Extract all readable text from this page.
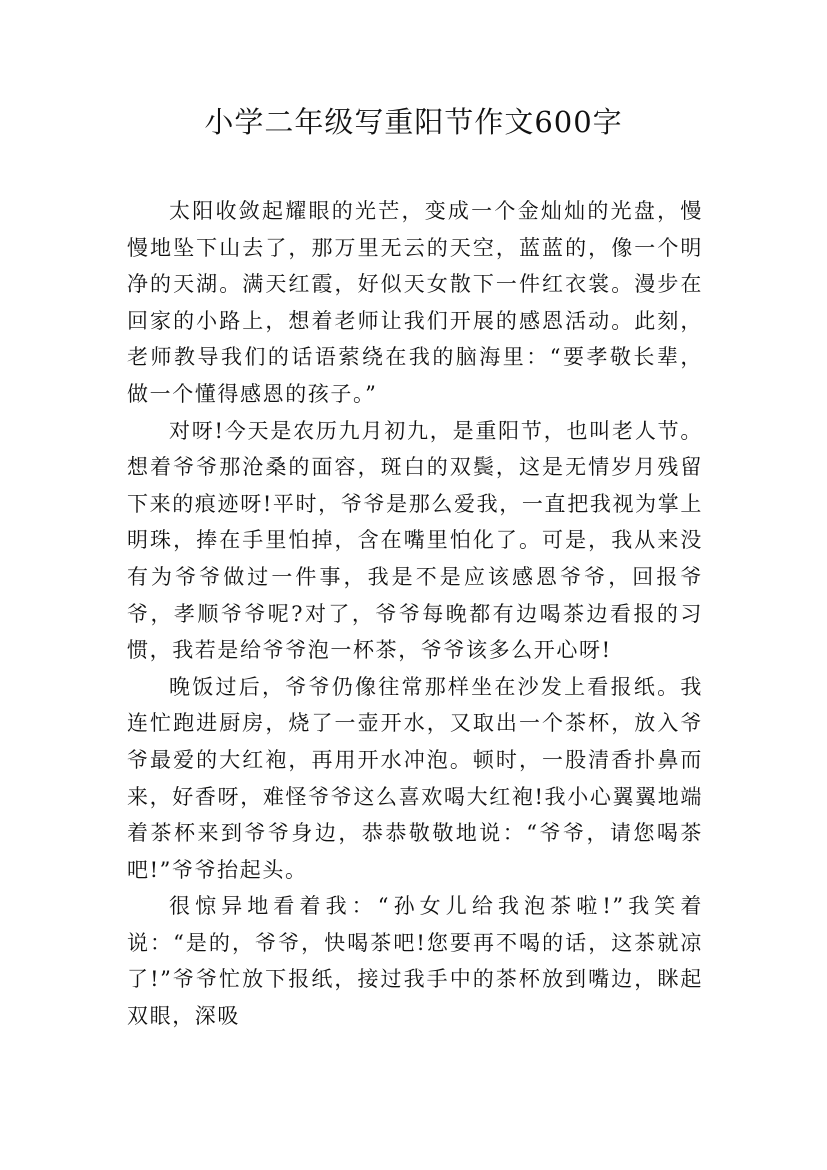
小学二年级写重阳节作文600字

太阳收敛起耀眼的光芒，变成一个金灿灿的光盘，慢慢地坠下山去了，那万里无云的天空，蓝蓝的，像一个明净的天湖。满天红霞，好似天女散下一件红衣裳。漫步在回家的小路上，想着老师让我们开展的感恩活动。此刻，老师教导我们的话语萦绕在我的脑海里：“要孝敬长辈，做一个懂得感恩的孩子。”

对呀!今天是农历九月初九，是重阳节，也叫老人节。想着爷爷那沧桑的面容，斑白的双鬓，这是无情岁月残留下来的痕迹呀!平时，爷爷是那么爱我，一直把我视为掌上明珠，捧在手里怕掉，含在嘴里怕化了。可是，我从来没有为爷爷做过一件事，我是不是应该感恩爷爷，回报爷爷，孝顺爷爷呢?对了，爷爷每晚都有边喝茶边看报的习惯，我若是给爷爷泡一杯茶，爷爷该多么开心呀!

晚饭过后，爷爷仍像往常那样坐在沙发上看报纸。我连忙跑进厨房，烧了一壶开水，又取出一个茶杯，放入爷爷最爱的大红袍，再用开水冲泡。顿时，一股清香扑鼻而来，好香呀，难怪爷爷这么喜欢喝大红袍!我小心翼翼地端着茶杯来到爷爷身边，恭恭敬敬地说：“爷爷，请您喝茶吧!”爷爷抬起头。

很惊异地看着我：“孙女儿给我泡茶啦!”我笑着说：“是的，爷爷，快喝茶吧!您要再不喝的话，这茶就凉了!”爷爷忙放下报纸，接过我手中的茶杯放到嘴边，眯起双眼，深吸
